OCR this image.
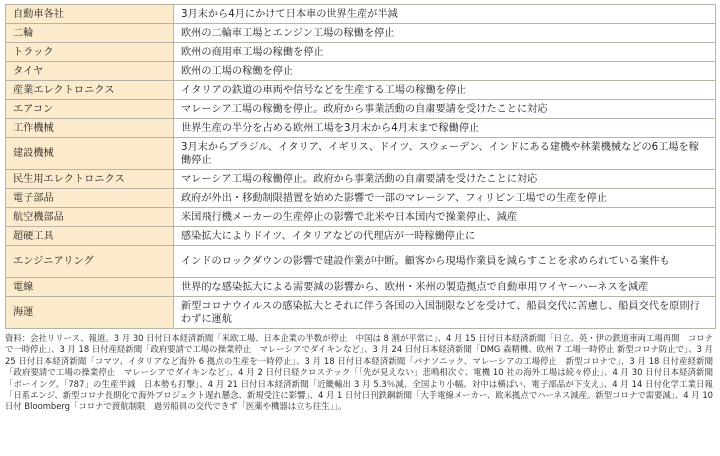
自動車各社	3月末から4月にかけて日本車の世界生産が半減
二輪	欧州の二輪車工場とエンジン工場の稼働を停止
トラック	欧州の商用車工場の稼働を停止
タイヤ	欧州の工場の稼働を停止
産業エレクトロニクス	イタリアの鉄道の車両や信号などを生産する工場の稼働を停止
エアコン	マレーシア工場の稼働を停止。政府から事業活動の自粛要請を受けたことに対応
工作機械	世界生産の半分を占める欧州工場を3月末から4月末まで稼働停止
建設機械	3月末からブラジル、イタリア、イギリス、ドイツ、スウェーデン、インドにある建機や林業機械などの6工場を稼働停止
民生用エレクトロニクス	マレーシア工場の稼働停止。政府から事業活動の自粛要請を受けたことに対応
電子部品	政府が外出・移動制限措置を始めた影響で一部のマレーシア、フィリピン工場での生産を停止
航空機部品	米国飛行機メーカーの生産停止の影響で北米や日本国内で操業停止、減産
超硬工具	感染拡大によりドイツ、イタリアなどの代理店が一時稼働停止に
エンジニアリング	インドのロックダウンの影響で建設作業が中断。顧客から現場作業員を減らすことを求められている案件も
電線	世界的な感染拡大による需要減の影響から、欧州・米州の製造拠点で自動車用ワイヤーハーネスを減産
海運	新型コロナウイルスの感染拡大とそれに伴う各国の入国制限などを受けて、船員交代に苦慮し、船員交代を原則行わずに運航

資料：会社リリース、報道。3 月 30 日付日本経済新聞「米欧工場、日本企業の半数が停止　中国は 8 割が平常に」、4 月 15 日付日本経済新聞「日立、英・伊の鉄道車両工場再開　コロナで一時停止」、3 月 18 日付産経新聞「政府要請で工場の操業停止　マレーシアでダイキンなど」、3 月 24 日付日本経済新聞「DMG 森精機、欧州 7 工場一時停止 新型コロナ防止で」、3 月 25 日付日本経済新聞「コマツ、イタリアなど海外 6 拠点の生産を一時停止」、3 月 18 日付日本経済新聞「パナソニック、マレーシアの工場停止　新型コロナで」、3 月 18 日付産経新聞「政府要請で工場の操業停止　マレーシアでダイキンなど」、4 月 2 日付日経クロステック「「先が見えない」悲鳴相次ぐ、電機 10 社の海外工場は続々停止」、4 月 30 日付日本経済新聞「ボーイング、「787」の生産半減　日本勢も打撃」、4 月 21 日付日本経済新聞「近畿輸出 3 月 5.3％減、全国より小幅、対中は横ばい、電子部品が下支え」、4 月 14 日付化学工業日報「日系エンジ、新型コロナ長期化で海外プロジェクト遅れ懸念、新規受注に影響」、4 月 1 日付日刊鉄鋼新聞「大手電線メーカー、欧米拠点でハーネス減産。新型コロナで需要減」、4 月 10 日付 Bloomberg「コロナで渡航制限　過労船員の交代できず「医薬や機器は立ち往生」」。
